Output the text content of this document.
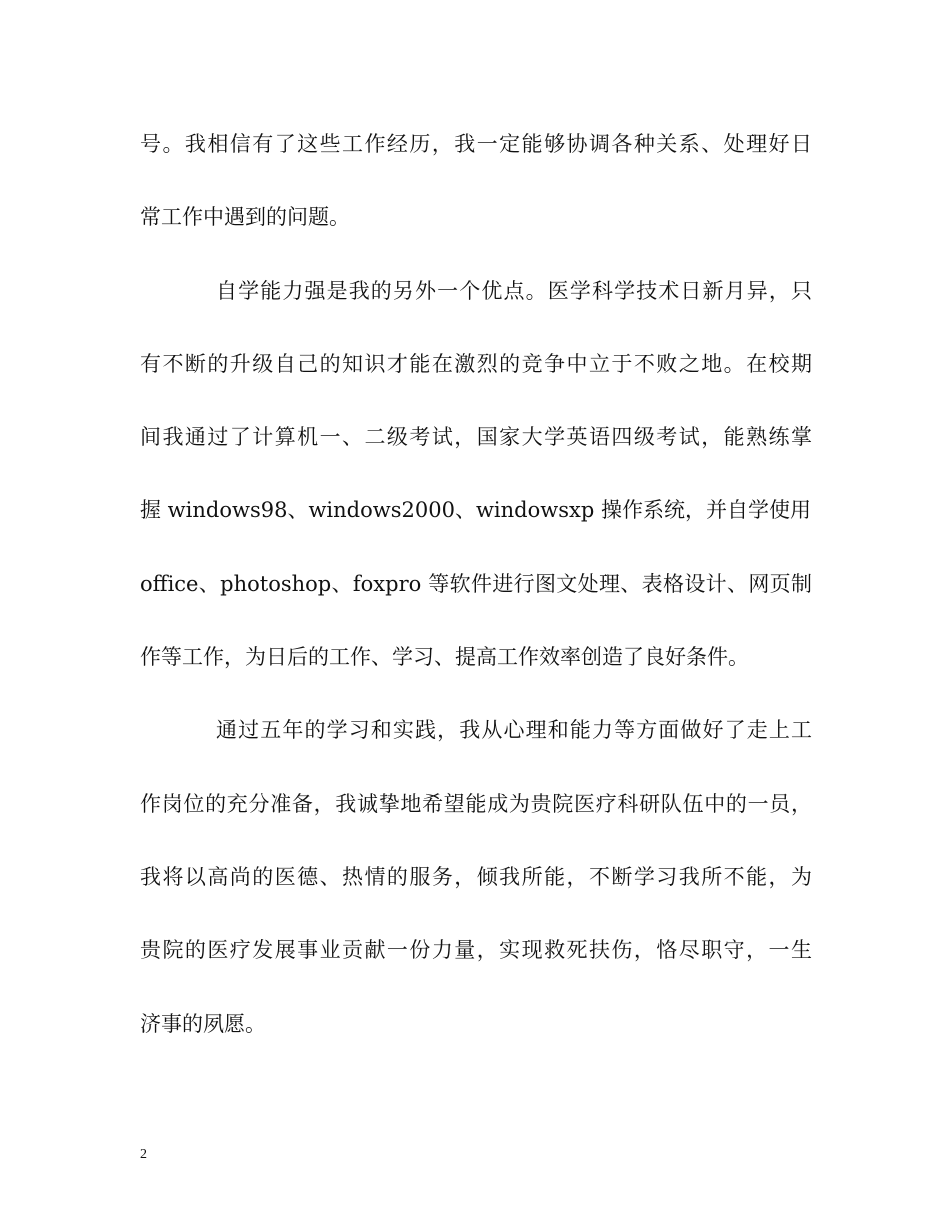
号。我相信有了这些工作经历，我一定能够协调各种关系、处理好日
常工作中遇到的问题。
自学能力强是我的另外一个优点。医学科学技术日新月异，只
有不断的升级自己的知识才能在激烈的竞争中立于不败之地。在校期
间我通过了计算机一、二级考试，国家大学英语四级考试，能熟练掌
握 windows98、windows2000、windowsxp 操作系统，并自学使用
office、photoshop、foxpro 等软件进行图文处理、表格设计、网页制
作等工作，为日后的工作、学习、提高工作效率创造了良好条件。
通过五年的学习和实践，我从心理和能力等方面做好了走上工
作岗位的充分准备，我诚挚地希望能成为贵院医疗科研队伍中的一员，
我将以高尚的医德、热情的服务，倾我所能，不断学习我所不能，为
贵院的医疗发展事业贡献一份力量，实现救死扶伤，恪尽职守，一生
济事的夙愿。
2
